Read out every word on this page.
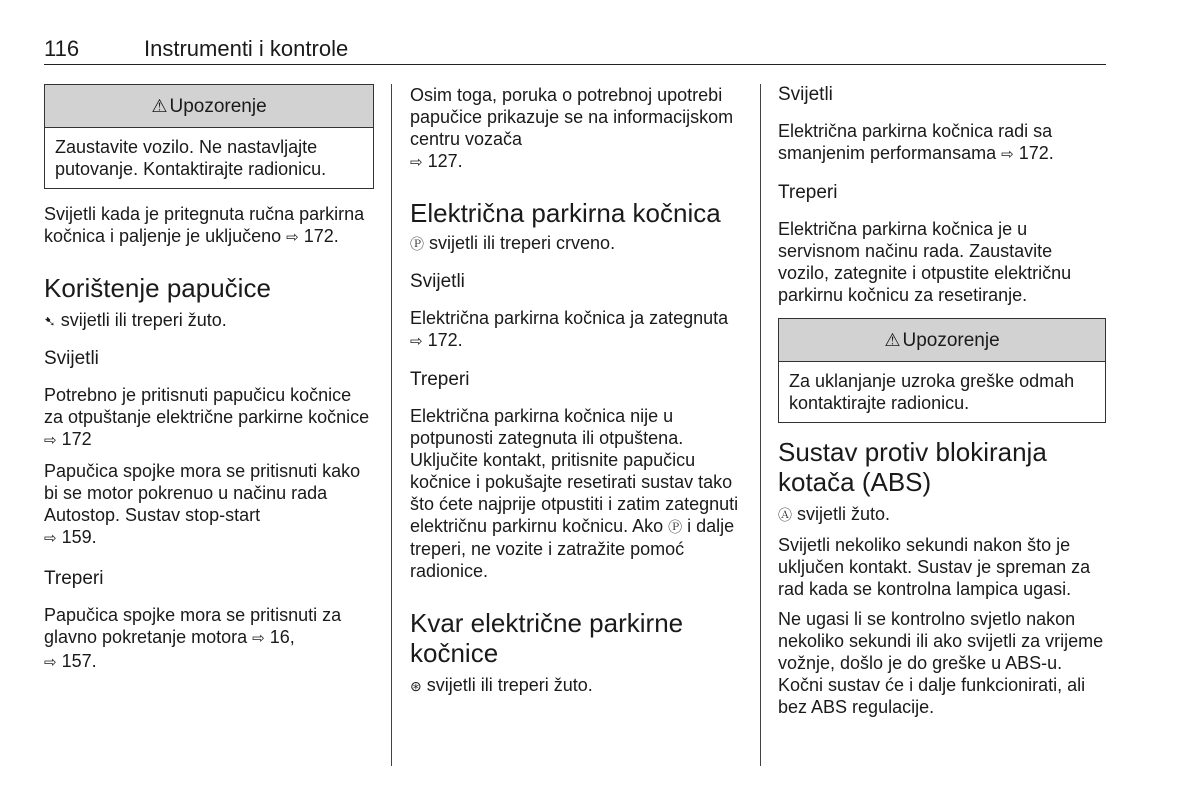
116	Instrumenti i kontrole
⚠ Upozorenje
Zaustavite vozilo. Ne nastavljajte putovanje. Kontaktirajte radionicu.

Svijetli kada je pritegnuta ručna parkirna kočnica i paljenje je uključeno ⇨ 172.

Korištenje papučice

➷ svijetli ili treperi žuto.

Svijetli

Potrebno je pritisnuti papučicu kočnice za otpuštanje električne parkirne kočnice ⇨ 172

Papučica spojke mora se pritisnuti kako bi se motor pokrenuo u načinu rada Autostop. Sustav stop-start
⇨ 159.

Treperi

Papučica spojke mora se pritisnuti za glavno pokretanje motora ⇨ 16,
⇨ 157.

Osim toga, poruka o potrebnoj upotrebi papučice prikazuje se na informacijskom centru vozača
⇨ 127.

Električna parkirna kočnica

Ⓟ svijetli ili treperi crveno.

Svijetli

Električna parkirna kočnica ja zategnuta ⇨ 172.

Treperi

Električna parkirna kočnica nije u potpunosti zategnuta ili otpuštena. Uključite kontakt, pritisnite papučicu kočnice i pokušajte resetirati sustav tako što ćete najprije otpustiti i zatim zategnuti električnu parkirnu kočnicu. Ako Ⓟ i dalje treperi, ne vozite i zatražite pomoć radionice.

Kvar električne parkirne
kočnice

⊛ svijetli ili treperi žuto.

Svijetli

Električna parkirna kočnica radi sa smanjenim performansama ⇨ 172.

Treperi

Električna parkirna kočnica je u servisnom načinu rada. Zaustavite vozilo, zategnite i otpustite električnu parkirnu kočnicu za resetiranje.

⚠ Upozorenje
Za uklanjanje uzroka greške odmah kontaktirajte radionicu.
Sustav protiv blokiranja
kotača (ABS)

Ⓐ svijetli žuto.

Svijetli nekoliko sekundi nakon što je uključen kontakt. Sustav je spreman za rad kada se kontrolna lampica ugasi.

Ne ugasi li se kontrolno svjetlo nakon nekoliko sekundi ili ako svijetli za vrijeme vožnje, došlo je do greške u ABS-u. Kočni sustav će i dalje funkcionirati, ali bez ABS regulacije.
